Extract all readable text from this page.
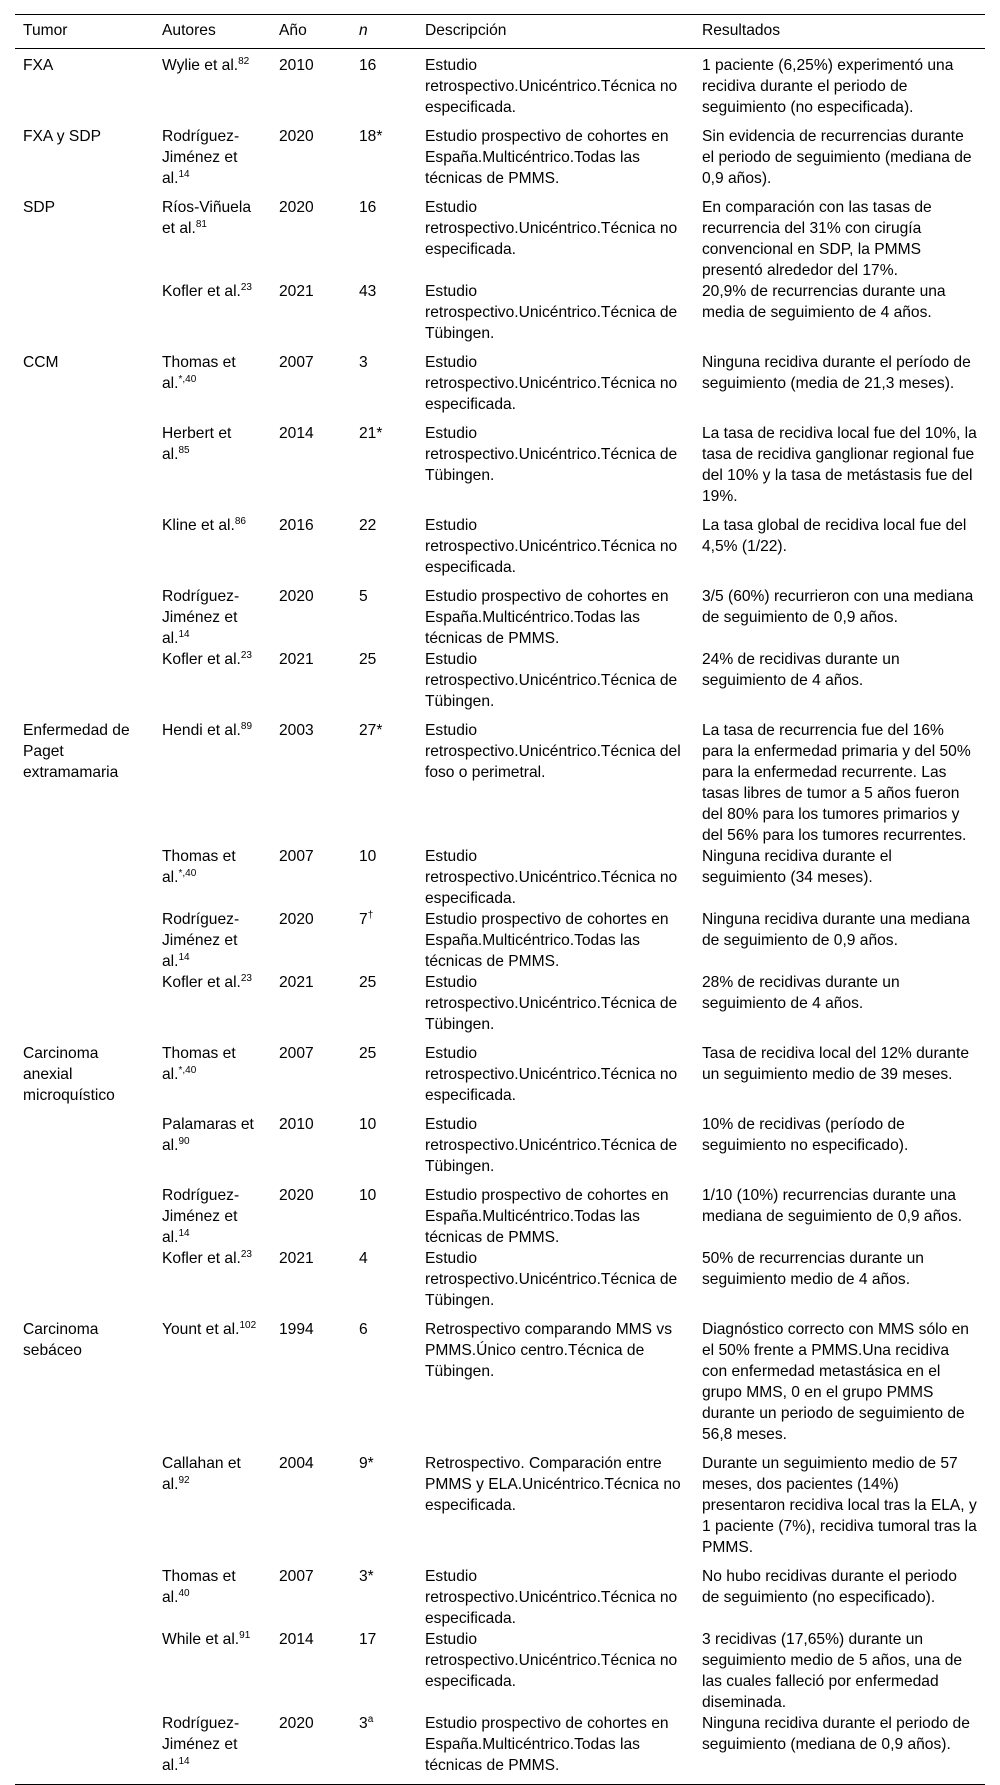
Tumor	Autores	Año	n	Descripción	Resultados
FXA	Wylie et al.$^{82}$	2010	16	Estudio retrospectivo.Unicéntrico.Técnica no especificada.	1 paciente (6,25%) experimentó una recidiva durante el periodo de seguimiento (no especificada).
FXA y SDP	Rodríguez-Jiménez et al.$^{14}$	2020	18*	Estudio prospectivo de cohortes en España.Multicéntrico.Todas las técnicas de PMMS.	Sin evidencia de recurrencias durante el periodo de seguimiento (mediana de 0,9 años).
SDP	Ríos-Viñuela et al.$^{81}$	2020	16	Estudio retrospectivo.Unicéntrico.Técnica no especificada.	En comparación con las tasas de recurrencia del 31% con cirugía convencional en SDP, la PMMS presentó alrededor del 17%.
	Kofler et al.$^{23}$	2021	43	Estudio retrospectivo.Unicéntrico.Técnica de Tübingen.	20,9% de recurrencias durante una media de seguimiento de 4 años.
CCM	Thomas et al.$^{*,40}$	2007	3	Estudio retrospectivo.Unicéntrico.Técnica no especificada.	Ninguna recidiva durante el período de seguimiento (media de 21,3 meses).
	Herbert et al.$^{85}$	2014	21*	Estudio retrospectivo.Unicéntrico.Técnica de Tübingen.	La tasa de recidiva local fue del 10%, la tasa de recidiva ganglionar regional fue del 10% y la tasa de metástasis fue del 19%.
	Kline et al.$^{86}$	2016	22	Estudio retrospectivo.Unicéntrico.Técnica no especificada.	La tasa global de recidiva local fue del 4,5% (1/22).
	Rodríguez-Jiménez et al.$^{14}$	2020	5	Estudio prospectivo de cohortes en España.Multicéntrico.Todas las técnicas de PMMS.	3/5 (60%) recurrieron con una mediana de seguimiento de 0,9 años.
	Kofler et al.$^{23}$	2021	25	Estudio retrospectivo.Unicéntrico.Técnica de Tübingen.	24% de recidivas durante un seguimiento de 4 años.
Enfermedad de Paget extramamaria	Hendi et al.$^{89}$	2003	27*	Estudio retrospectivo.Unicéntrico.Técnica del foso o perimetral.	La tasa de recurrencia fue del 16% para la enfermedad primaria y del 50% para la enfermedad recurrente. Las tasas libres de tumor a 5 años fueron del 80% para los tumores primarios y del 56% para los tumores recurrentes.
	Thomas et al.$^{*,40}$	2007	10	Estudio retrospectivo.Unicéntrico.Técnica no especificada.	Ninguna recidiva durante el seguimiento (34 meses).
	Rodríguez-Jiménez et al.$^{14}$	2020	7†	Estudio prospectivo de cohortes en España.Multicéntrico.Todas las técnicas de PMMS.	Ninguna recidiva durante una mediana de seguimiento de 0,9 años.
	Kofler et al.$^{23}$	2021	25	Estudio retrospectivo.Unicéntrico.Técnica de Tübingen.	28% de recidivas durante un seguimiento de 4 años.
Carcinoma anexial microquístico	Thomas et al.$^{*,40}$	2007	25	Estudio retrospectivo.Unicéntrico.Técnica no especificada.	Tasa de recidiva local del 12% durante un seguimiento medio de 39 meses.
	Palamaras et al.$^{90}$	2010	10	Estudio retrospectivo.Unicéntrico.Técnica de Tübingen.	10% de recidivas (período de seguimiento no especificado).
	Rodríguez-Jiménez et al.$^{14}$	2020	10	Estudio prospectivo de cohortes en España.Multicéntrico.Todas las técnicas de PMMS.	1/10 (10%) recurrencias durante una mediana de seguimiento de 0,9 años.
	Kofler et al.$^{23}$	2021	4	Estudio retrospectivo.Unicéntrico.Técnica de Tübingen.	50% de recurrencias durante un seguimiento medio de 4 años.
Carcinoma sebáceo	Yount et al.$^{102}$	1994	6	Retrospectivo comparando MMS vs PMMS.Único centro.Técnica de Tübingen.	Diagnóstico correcto con MMS sólo en el 50% frente a PMMS.Una recidiva con enfermedad metastásica en el grupo MMS, 0 en el grupo PMMS durante un periodo de seguimiento de 56,8 meses.
	Callahan et al.$^{92}$	2004	9*	Retrospectivo. Comparación entre PMMS y ELA.Unicéntrico.Técnica no especificada.	Durante un seguimiento medio de 57 meses, dos pacientes (14%) presentaron recidiva local tras la ELA, y 1 paciente (7%), recidiva tumoral tras la PMMS.
	Thomas et al.$^{40}$	2007	3*	Estudio retrospectivo.Unicéntrico.Técnica no especificada.	No hubo recidivas durante el periodo de seguimiento (no especificado).
	While et al.$^{91}$	2014	17	Estudio retrospectivo.Unicéntrico.Técnica no especificada.	3 recidivas (17,65%) durante un seguimiento medio de 5 años, una de las cuales falleció por enfermedad diseminada.
	Rodríguez-Jiménez et al.$^{14}$	2020	3$^a$	Estudio prospectivo de cohortes en España.Multicéntrico.Todas las técnicas de PMMS.	Ninguna recidiva durante el periodo de seguimiento (mediana de 0,9 años).
